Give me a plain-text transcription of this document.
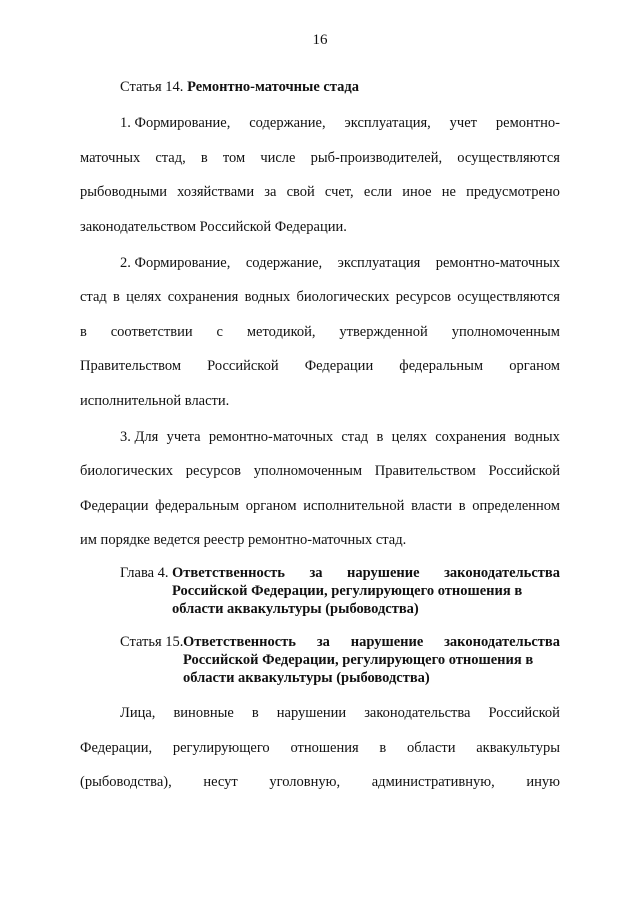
16
Статья 14. Ремонтно-маточные стада
1. Формирование, содержание, эксплуатация, учет ремонтно-
маточных стад, в том числе рыб-производителей, осуществляются
рыбоводными хозяйствами за свой счет, если иное не предусмотрено
законодательством Российской Федерации.
2. Формирование, содержание, эксплуатация ремонтно-маточных
стад в целях сохранения водных биологических ресурсов осуществляются
в соответствии с методикой, утвержденной уполномоченным
Правительством Российской Федерации федеральным органом
исполнительной власти.
3. Для учета ремонтно-маточных стад в целях сохранения водных
биологических ресурсов уполномоченным Правительством Российской
Федерации федеральным органом исполнительной власти в определенном
им порядке ведется реестр ремонтно-маточных стад.
Глава 4. Ответственность за нарушение законодательства
Российской Федерации, регулирующего отношения в
области аквакультуры (рыбоводства)
Статья 15. Ответственность за нарушение законодательства
Российской Федерации, регулирующего отношения в
области аквакультуры (рыбоводства)
Лица, виновные в нарушении законодательства Российской
Федерации, регулирующего отношения в области аквакультуры
(рыбоводства), несут уголовную, административную, иную
